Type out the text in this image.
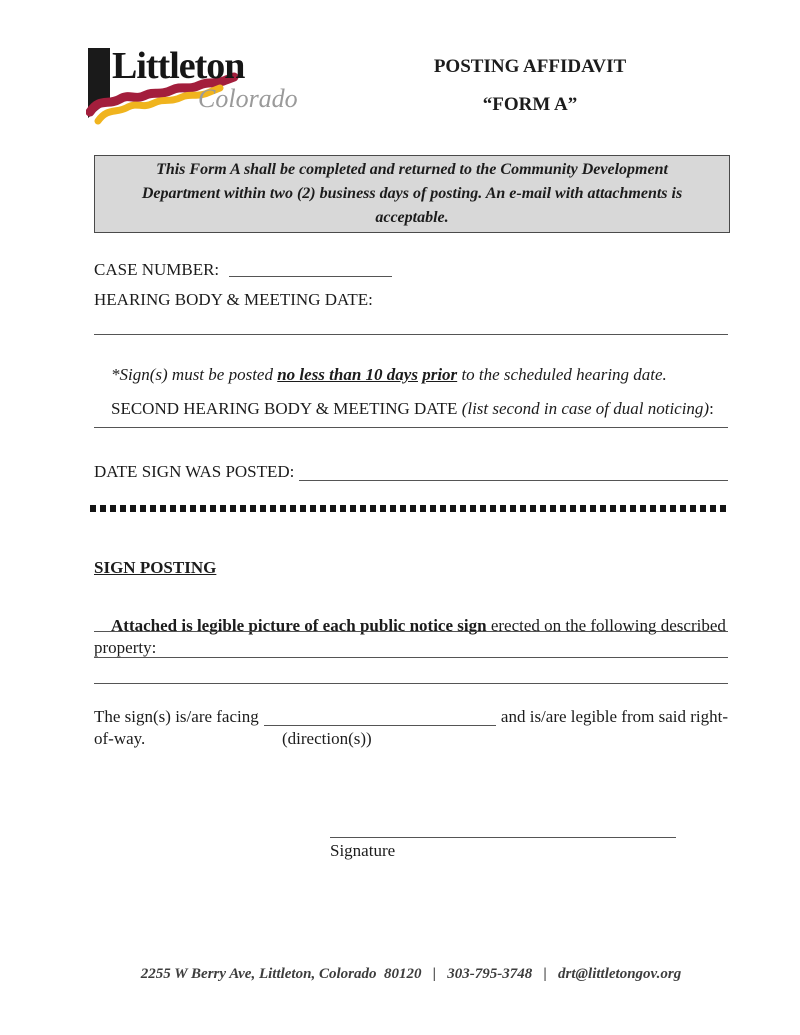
Littleton
Colorado
POSTING AFFIDAVIT
“FORM A”
This Form A shall be completed and returned to the Community Development Department within two (2) business days of posting. An e-mail with attachments is acceptable.
CASE NUMBER:
HEARING BODY & MEETING DATE:

*Sign(s) must be posted no less than 10 days prior to the scheduled hearing date.

SECOND HEARING BODY & MEETING DATE (list second in case of dual noticing):

DATE SIGN WAS POSTED:
SIGN POSTING

Attached is legible picture of each public notice sign erected on the following described property:

The sign(s) is/are facing	and is/are legible from said right-
of-way.	(direction(s))
Signature
2255 W Berry Ave, Littleton, Colorado  80120   |   303-795-3748   |   drt@littletongov.org
